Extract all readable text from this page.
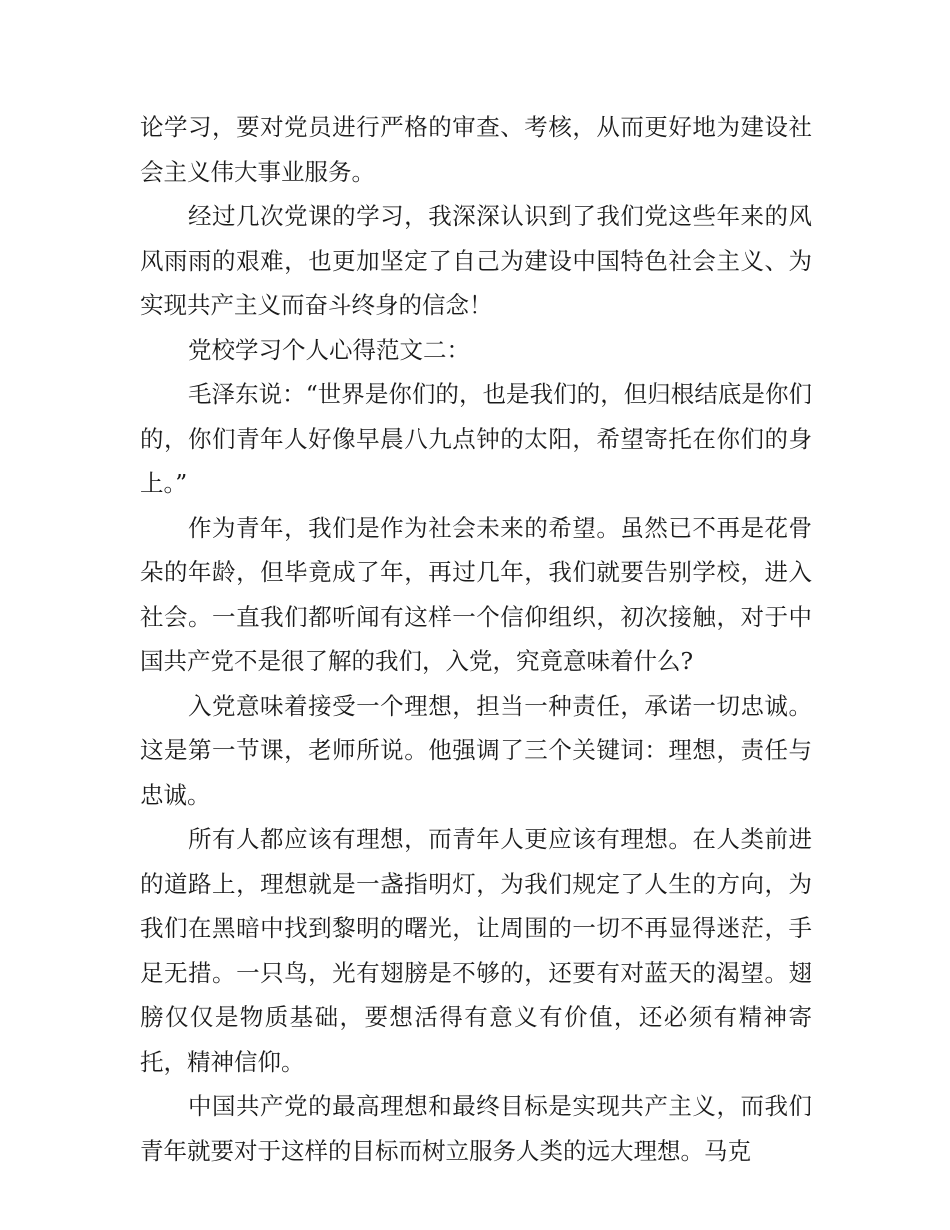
论学习，要对党员进行严格的审查、考核，从而更好地为建设社会主义伟大事业服务。

经过几次党课的学习，我深深认识到了我们党这些年来的风风雨雨的艰难，也更加坚定了自己为建设中国特色社会主义、为实现共产主义而奋斗终身的信念！

党校学习个人心得范文二：

毛泽东说：“世界是你们的，也是我们的，但归根结底是你们的，你们青年人好像早晨八九点钟的太阳，希望寄托在你们的身上。”

作为青年，我们是作为社会未来的希望。虽然已不再是花骨朵的年龄，但毕竟成了年，再过几年，我们就要告别学校，进入社会。一直我们都听闻有这样一个信仰组织，初次接触，对于中国共产党不是很了解的我们，入党，究竟意味着什么?

入党意味着接受一个理想，担当一种责任，承诺一切忠诚。这是第一节课，老师所说。他强调了三个关键词：理想，责任与忠诚。

所有人都应该有理想，而青年人更应该有理想。在人类前进的道路上，理想就是一盏指明灯，为我们规定了人生的方向，为我们在黑暗中找到黎明的曙光，让周围的一切不再显得迷茫，手足无措。一只鸟，光有翅膀是不够的，还要有对蓝天的渴望。翅膀仅仅是物质基础，要想活得有意义有价值，还必须有精神寄托，精神信仰。

中国共产党的最高理想和最终目标是实现共产主义，而我们青年就要对于这样的目标而树立服务人类的远大理想。马克
